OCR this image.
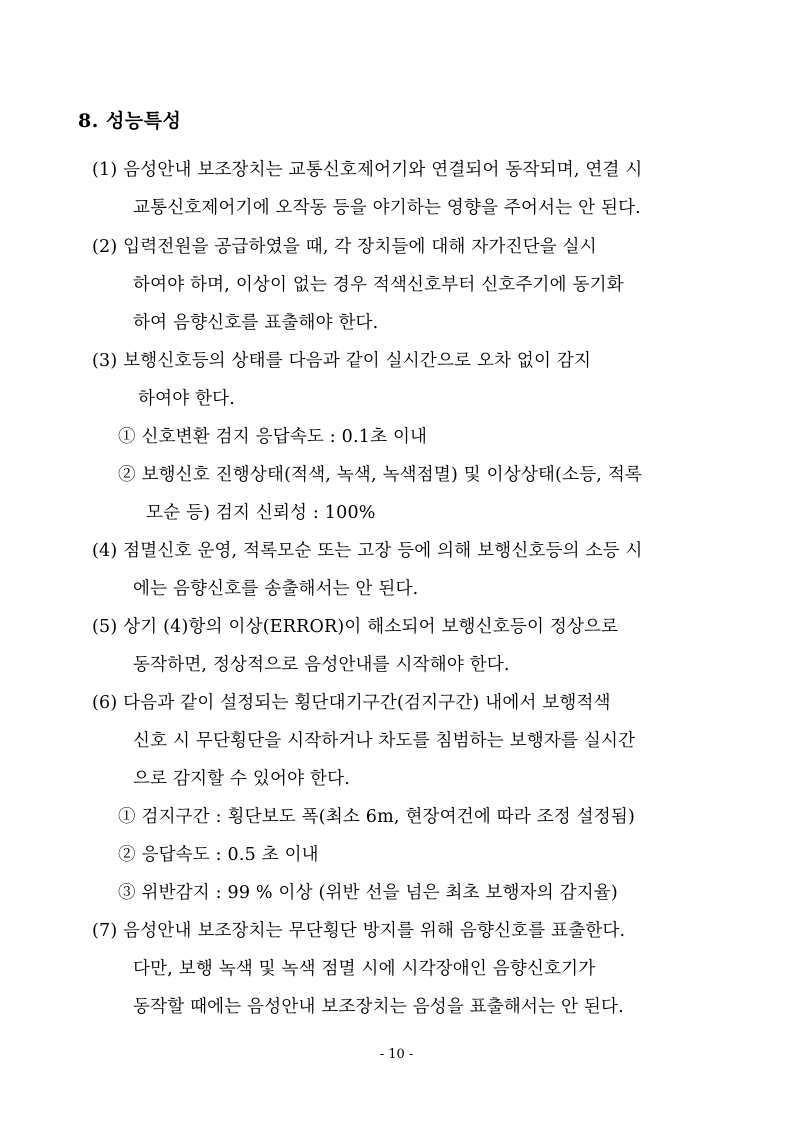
8. 성능특성
(1) 음성안내 보조장치는 교통신호제어기와 연결되어 동작되며, 연결 시
교통신호제어기에 오작동 등을 야기하는 영향을 주어서는 안 된다.
(2) 입력전원을 공급하였을 때, 각 장치들에 대해 자가진단을 실시
하여야 하며, 이상이 없는 경우 적색신호부터 신호주기에 동기화
하여 음향신호를 표출해야 한다.
(3) 보행신호등의 상태를 다음과 같이 실시간으로 오차 없이 감지
하여야 한다.
① 신호변환 검지 응답속도 : 0.1초 이내
② 보행신호 진행상태(적색, 녹색, 녹색점멸) 및 이상상태(소등, 적록
모순 등) 검지 신뢰성 : 100%
(4) 점멸신호 운영, 적록모순 또는 고장 등에 의해 보행신호등의 소등 시
에는 음향신호를 송출해서는 안 된다.
(5) 상기 (4)항의 이상(ERROR)이 해소되어 보행신호등이 정상으로
동작하면, 정상적으로 음성안내를 시작해야 한다.
(6) 다음과 같이 설정되는 횡단대기구간(검지구간) 내에서 보행적색
신호 시 무단횡단을 시작하거나 차도를 침범하는 보행자를 실시간
으로 감지할 수 있어야 한다.
① 검지구간 : 횡단보도 폭(최소 6m, 현장여건에 따라 조정 설정됨)
② 응답속도 : 0.5 초 이내
③ 위반감지 : 99 % 이상 (위반 선을 넘은 최초 보행자의 감지율)
(7) 음성안내 보조장치는 무단횡단 방지를 위해 음향신호를 표출한다.
다만, 보행 녹색 및 녹색 점멸 시에 시각장애인 음향신호기가
동작할 때에는 음성안내 보조장치는 음성을 표출해서는 안 된다.
- 10 -
